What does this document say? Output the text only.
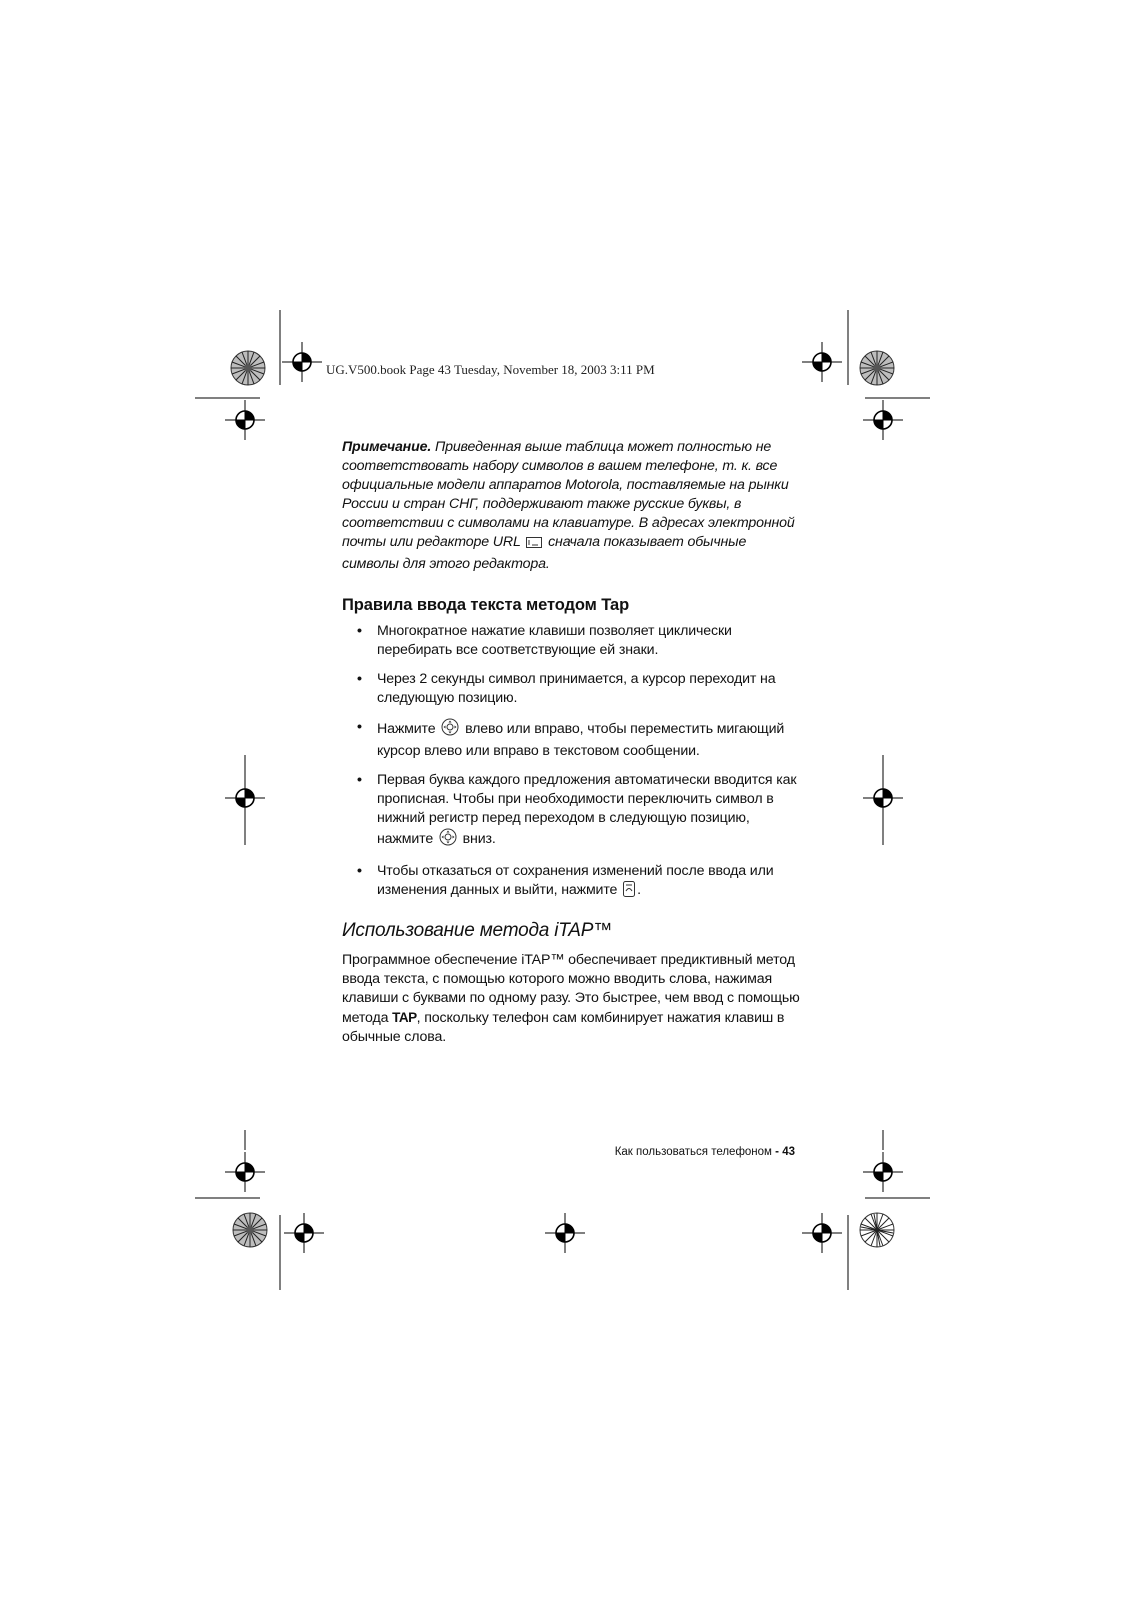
UG.V500.book Page 43 Tuesday, November 18, 2003 3:11 PM

Примечание. Приведенная выше таблица может полностью не соответствовать набору символов в вашем телефоне, т. к. все официальные модели аппаратов Motorola, поставляемые на рынки России и стран СНГ, поддерживают также русские буквы, в соответствии с символами на клавиатуре. В адресах электронной почты или редакторе URL  сначала показывает обычные символы для этого редактора.

Правила ввода текста методом Tap
• Многократное нажатие клавиши позволяет циклически перебирать все соответствующие ей знаки.
• Через 2 секунды символ принимается, а курсор переходит на следующую позицию.
• Нажмите  влево или вправо, чтобы переместить мигающий курсор влево или вправо в текстовом сообщении.
• Первая буква каждого предложения автоматически вводится как прописная. Чтобы при необходимости переключить символ в нижний регистр перед переходом в следующую позицию, нажмите  вниз.
• Чтобы отказаться от сохранения изменений после ввода или изменения данных и выйти, нажмите .
Использование метода iTAP™

Программное обеспечение iTAP™ обеспечивает предиктивный метод ввода текста, с помощью которого можно вводить слова, нажимая клавиши с буквами по одному разу. Это быстрее, чем ввод с помощью метода TAP, поскольку телефон сам комбинирует нажатия клавиш в обычные слова.

Как пользоваться телефоном - 43
